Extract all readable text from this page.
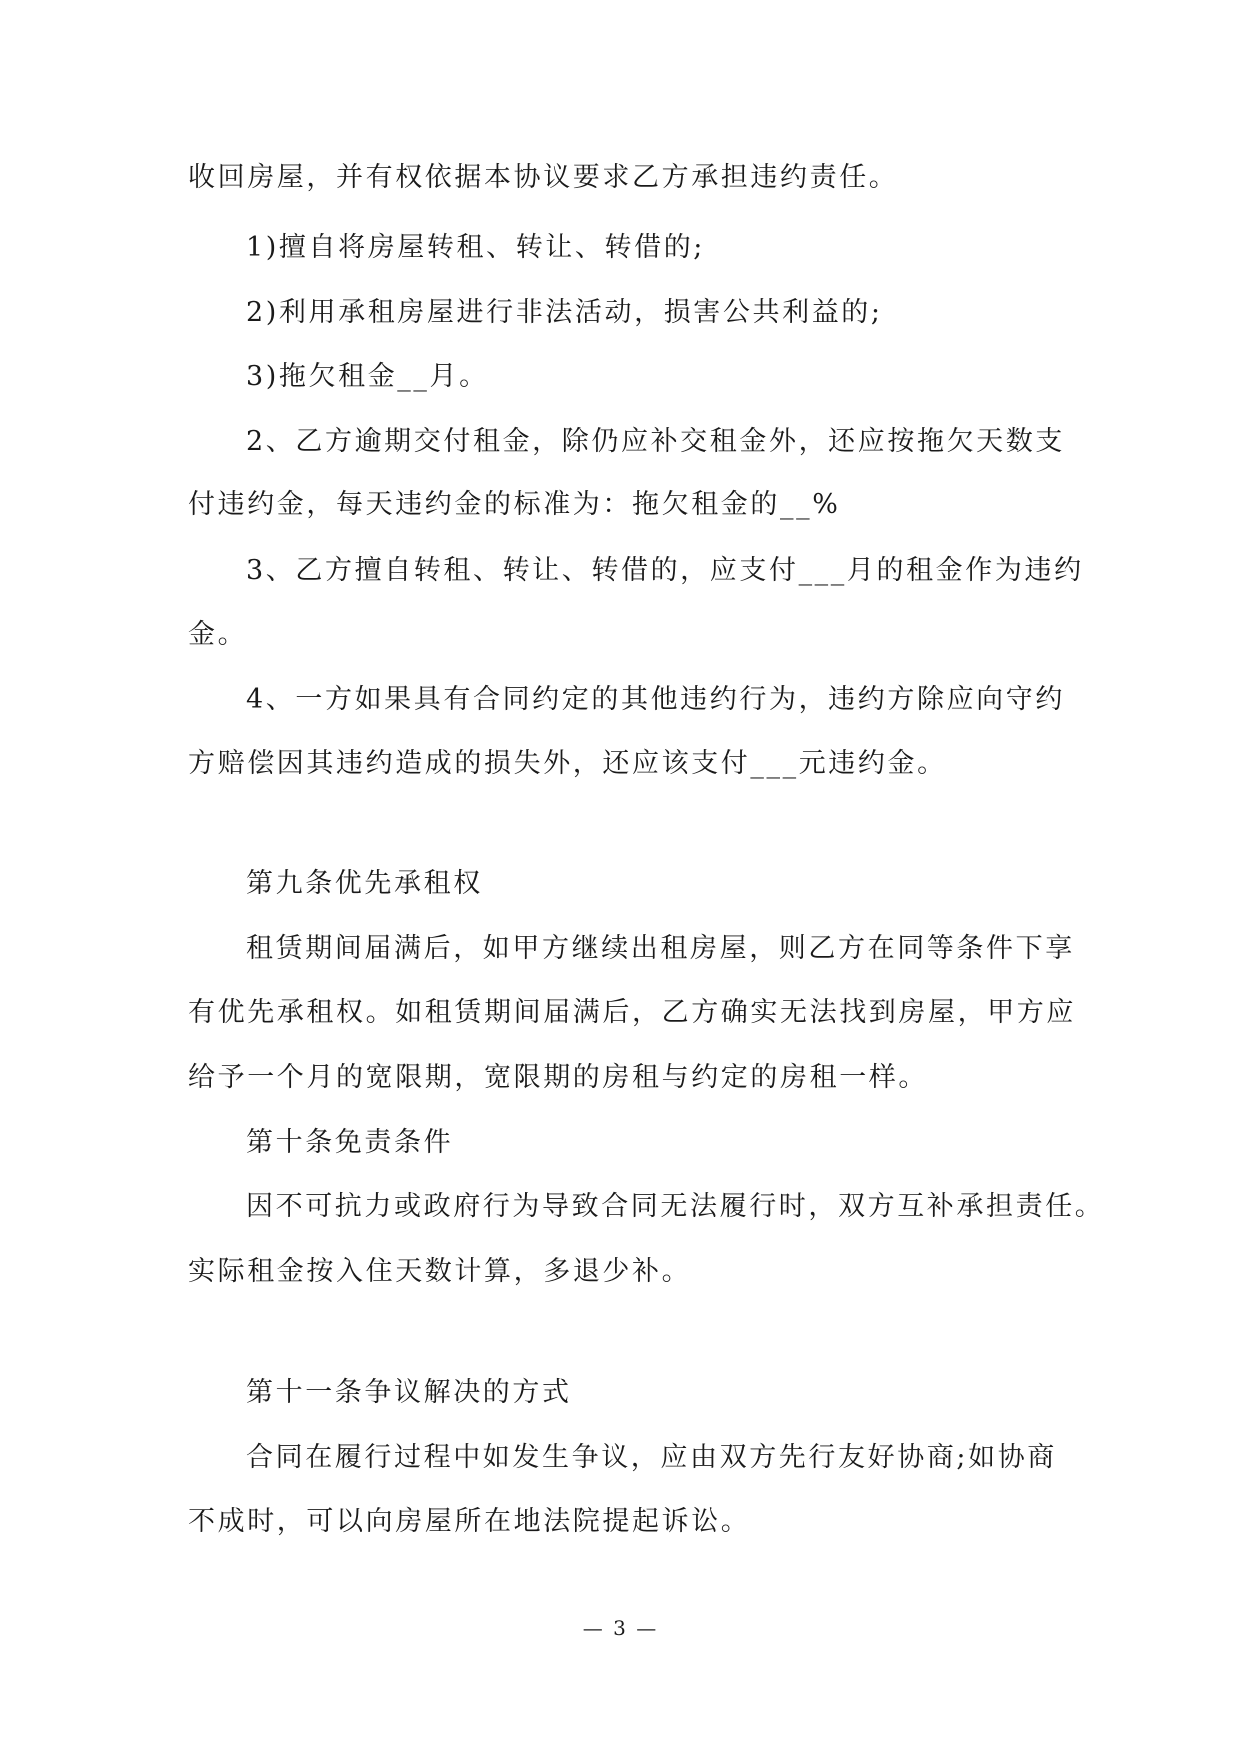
收回房屋，并有权依据本协议要求乙方承担违约责任。
1)擅自将房屋转租、转让、转借的;
2)利用承租房屋进行非法活动，损害公共利益的;
3)拖欠租金__月。
2、乙方逾期交付租金，除仍应补交租金外，还应按拖欠天数支
付违约金，每天违约金的标准为：拖欠租金的__%
3、乙方擅自转租、转让、转借的，应支付___月的租金作为违约
金。
4、一方如果具有合同约定的其他违约行为，违约方除应向守约
方赔偿因其违约造成的损失外，还应该支付___元违约金。
第九条优先承租权
租赁期间届满后，如甲方继续出租房屋，则乙方在同等条件下享
有优先承租权。如租赁期间届满后，乙方确实无法找到房屋，甲方应
给予一个月的宽限期，宽限期的房租与约定的房租一样。
第十条免责条件
因不可抗力或政府行为导致合同无法履行时，双方互补承担责任。
实际租金按入住天数计算，多退少补。
第十一条争议解决的方式
合同在履行过程中如发生争议，应由双方先行友好协商;如协商
不成时，可以向房屋所在地法院提起诉讼。
— 3 —
